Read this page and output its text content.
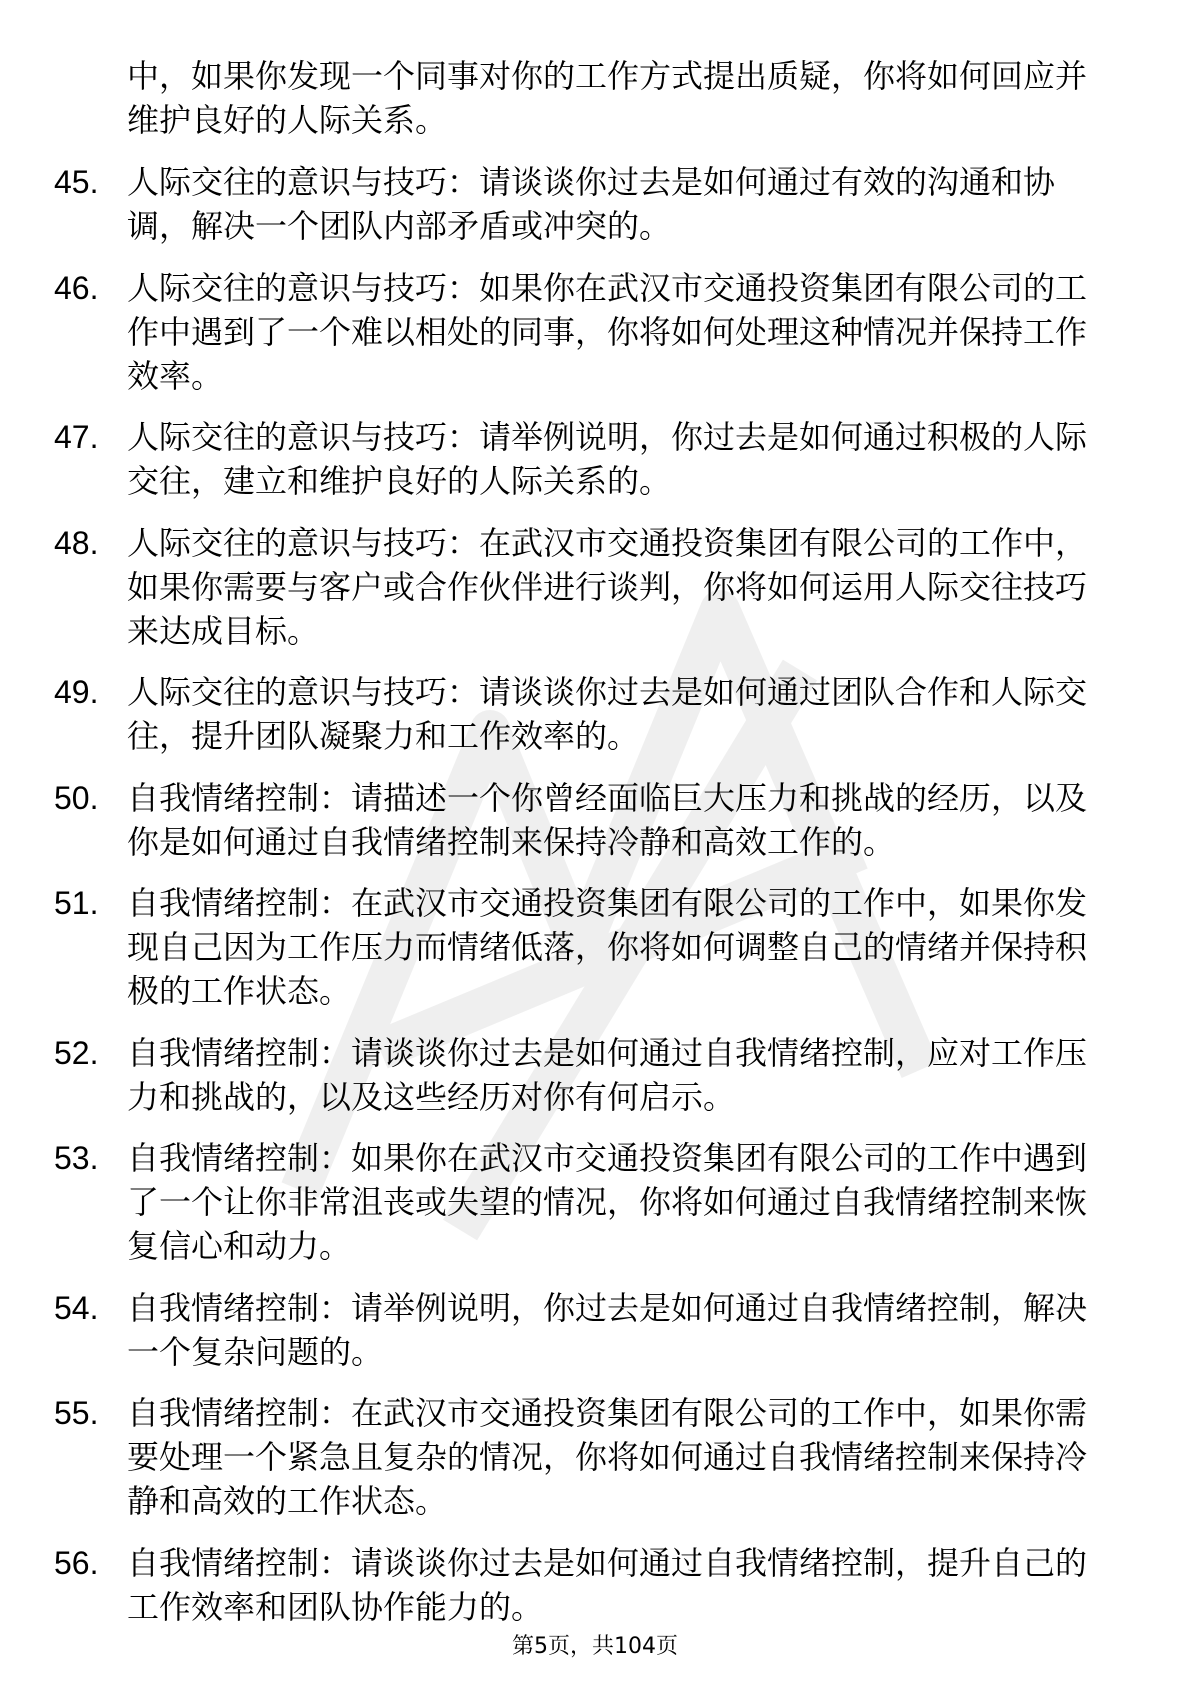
中，如果你发现一个同事对你的工作方式提出质疑，你将如何回应并维护良好的人际关系。

45. 人际交往的意识与技巧：请谈谈你过去是如何通过有效的沟通和协调，解决一个团队内部矛盾或冲突的。
46. 人际交往的意识与技巧：如果你在武汉市交通投资集团有限公司的工作中遇到了一个难以相处的同事，你将如何处理这种情况并保持工作效率。
47. 人际交往的意识与技巧：请举例说明，你过去是如何通过积极的人际交往，建立和维护良好的人际关系的。
48. 人际交往的意识与技巧：在武汉市交通投资集团有限公司的工作中，如果你需要与客户或合作伙伴进行谈判，你将如何运用人际交往技巧来达成目标。
49. 人际交往的意识与技巧：请谈谈你过去是如何通过团队合作和人际交往，提升团队凝聚力和工作效率的。
50. 自我情绪控制：请描述一个你曾经面临巨大压力和挑战的经历，以及你是如何通过自我情绪控制来保持冷静和高效工作的。
51. 自我情绪控制：在武汉市交通投资集团有限公司的工作中，如果你发现自己因为工作压力而情绪低落，你将如何调整自己的情绪并保持积极的工作状态。
52. 自我情绪控制：请谈谈你过去是如何通过自我情绪控制，应对工作压力和挑战的，以及这些经历对你有何启示。
53. 自我情绪控制：如果你在武汉市交通投资集团有限公司的工作中遇到了一个让你非常沮丧或失望的情况，你将如何通过自我情绪控制来恢复信心和动力。
54. 自我情绪控制：请举例说明，你过去是如何通过自我情绪控制，解决一个复杂问题的。
55. 自我情绪控制：在武汉市交通投资集团有限公司的工作中，如果你需要处理一个紧急且复杂的情况，你将如何通过自我情绪控制来保持冷静和高效的工作状态。
56. 自我情绪控制：请谈谈你过去是如何通过自我情绪控制，提升自己的工作效率和团队协作能力的。
第5页，共104页
